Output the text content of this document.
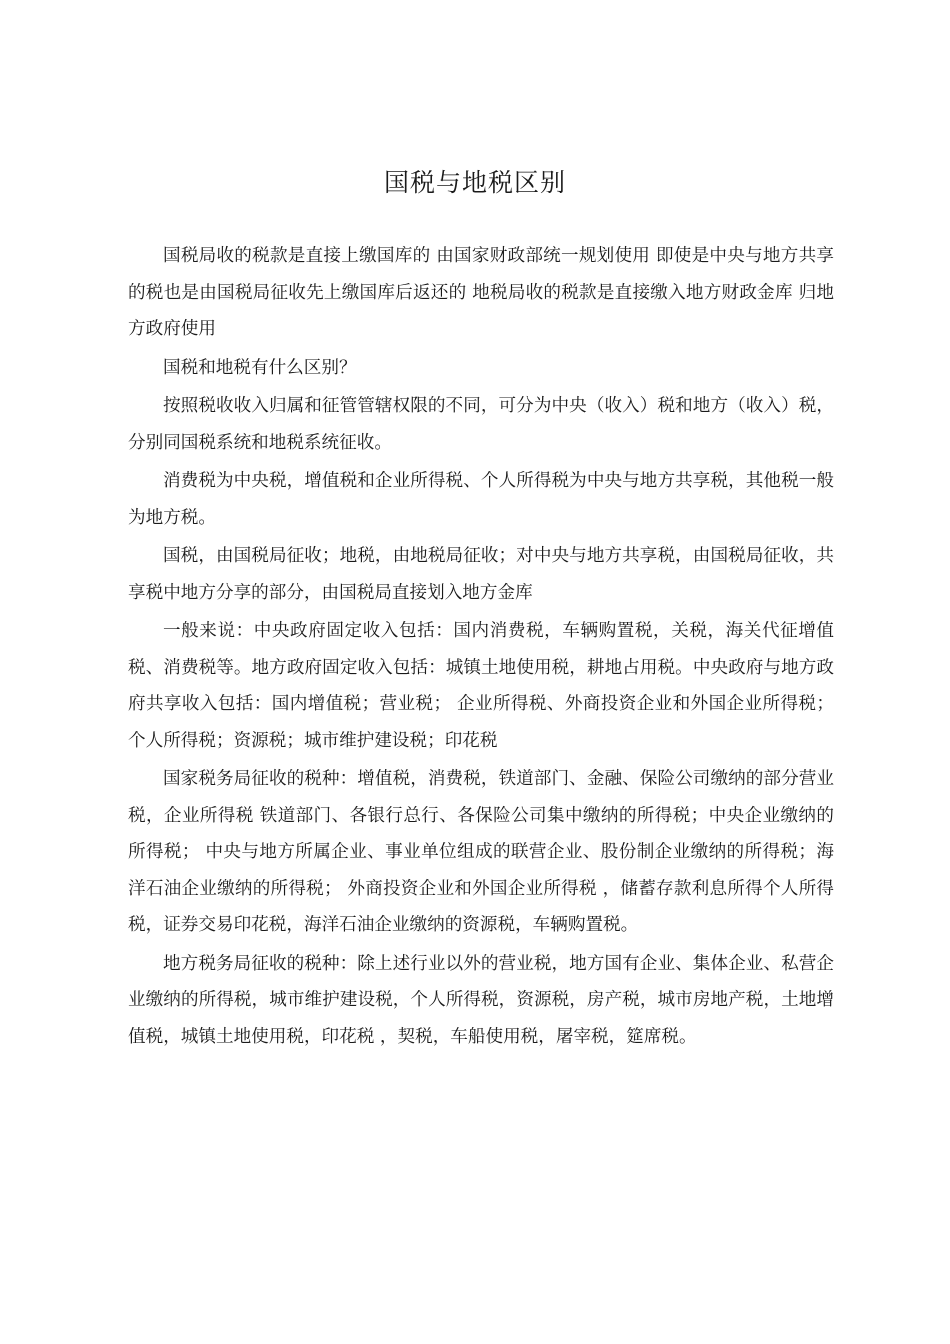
国税与地税区别

国税局收的税款是直接上缴国库的 由国家财政部统一规划使用 即使是中央与地方共享的税也是由国税局征收先上缴国库后返还的 地税局收的税款是直接缴入地方财政金库 归地方政府使用

国税和地税有什么区别？

按照税收收入归属和征管管辖权限的不同，可分为中央（收入）税和地方（收入）税，分别同国税系统和地税系统征收。

消费税为中央税，增值税和企业所得税、个人所得税为中央与地方共享税，其他税一般为地方税。

国税，由国税局征收；地税，由地税局征收；对中央与地方共享税，由国税局征收，共享税中地方分享的部分，由国税局直接划入地方金库

一般来说：中央政府固定收入包括：国内消费税，车辆购置税，关税，海关代征增值税、消费税等。地方政府固定收入包括：城镇土地使用税，耕地占用税。中央政府与地方政府共享收入包括：国内增值税；营业税； 企业所得税、外商投资企业和外国企业所得税；个人所得税；资源税；城市维护建设税；印花税

国家税务局征收的税种：增值税，消费税，铁道部门、金融、保险公司缴纳的部分营业税，企业所得税 铁道部门、各银行总行、各保险公司集中缴纳的所得税；中央企业缴纳的所得税； 中央与地方所属企业、事业单位组成的联营企业、股份制企业缴纳的所得税；海洋石油企业缴纳的所得税； 外商投资企业和外国企业所得税 ，储蓄存款利息所得个人所得税，证券交易印花税，海洋石油企业缴纳的资源税，车辆购置税。

地方税务局征收的税种：除上述行业以外的营业税，地方国有企业、集体企业、私营企业缴纳的所得税，城市维护建设税，个人所得税，资源税，房产税，城市房地产税，土地增值税，城镇土地使用税，印花税 ，契税，车船使用税，屠宰税，筵席税。
